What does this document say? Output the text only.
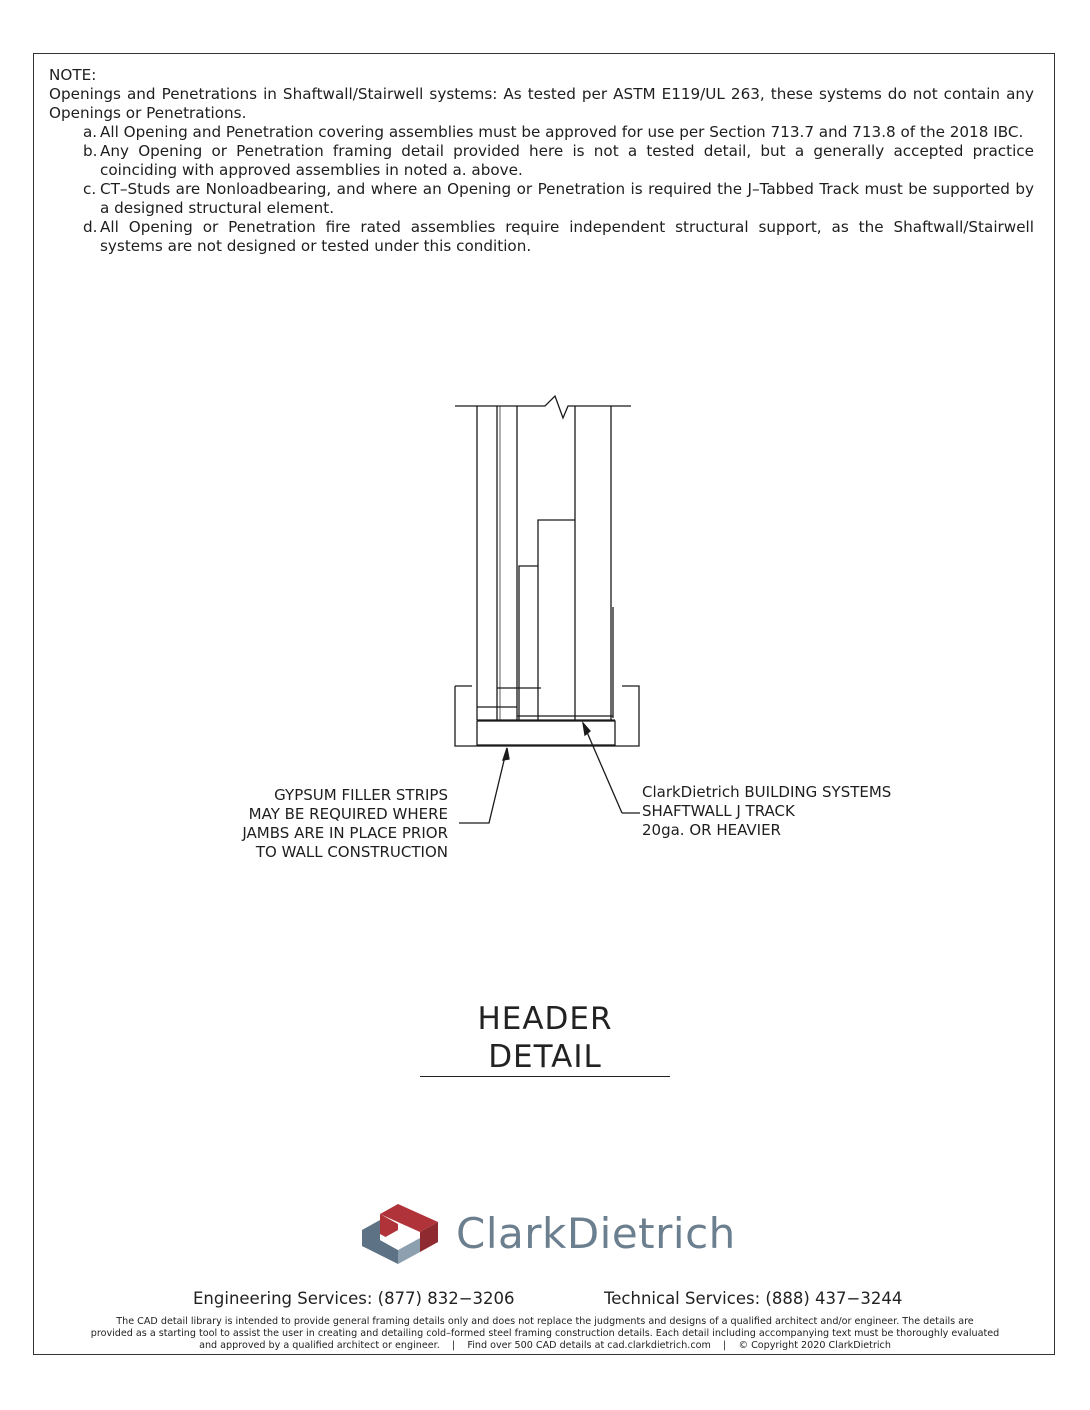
NOTE:
Openings and Penetrations in Shaftwall/Stairwell systems: As tested per ASTM E119/UL 263, these systems do not contain any Openings or Penetrations.
a. All Opening and Penetration covering assemblies must be approved for use per Section 713.7 and 713.8 of the 2018 IBC.
b. Any Opening or Penetration framing detail provided here is not a tested detail, but a generally accepted practice coinciding with approved assemblies in noted a. above.
c. CT–Studs are Nonloadbearing, and where an Opening or Penetration is required the J–Tabbed Track must be supported by a designed structural element.
d. All Opening or Penetration fire rated assemblies require independent structural support, as the Shaftwall/Stairwell systems are not designed or tested under this condition.
GYPSUM FILLER STRIPS
MAY BE REQUIRED WHERE
JAMBS ARE IN PLACE PRIOR
TO WALL CONSTRUCTION
ClarkDietrich BUILDING SYSTEMS
SHAFTWALL J TRACK
20ga. OR HEAVIER
HEADER DETAIL
ClarkDietrich
Engineering Services: (877) 832−3206	Technical Services: (888) 437−3244
The CAD detail library is intended to provide general framing details only and does not replace the judgments and designs of a qualified architect and/or engineer. The details are
provided as a starting tool to assist the user in creating and detailing cold–formed steel framing construction details. Each detail including accompanying text must be thoroughly evaluated
and approved by a qualified architect or engineer.    |    Find over 500 CAD details at cad.clarkdietrich.com    |    © Copyright 2020 ClarkDietrich
